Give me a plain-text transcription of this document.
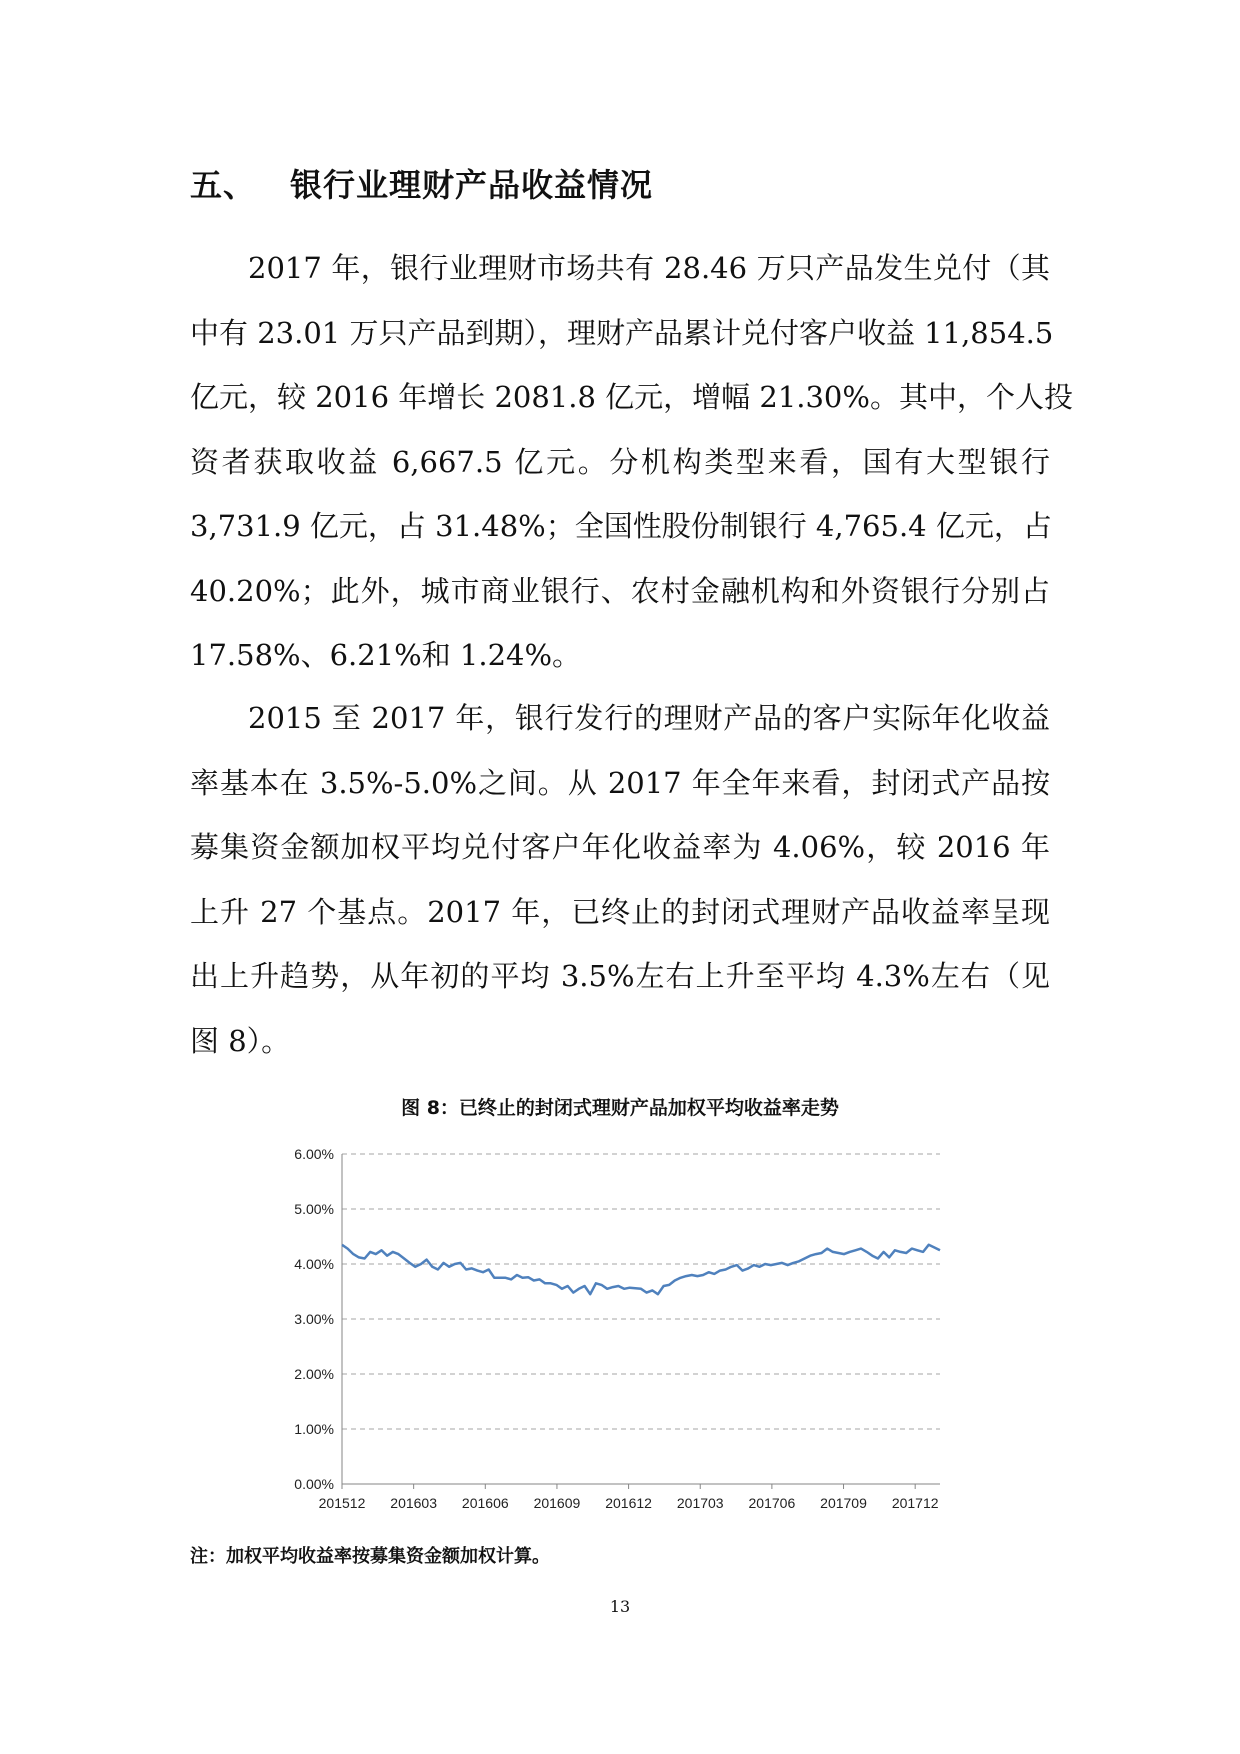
五、 银行业理财产品收益情况
2017 年，银行业理财市场共有 28.46 万只产品发生兑付（其
中有 23.01 万只产品到期），理财产品累计兑付客户收益 11,854.5
亿元，较 2016 年增长 2081.8 亿元，增幅 21.30%。其中，个人投
资者获取收益 6,667.5 亿元。分机构类型来看，国有大型银行
3,731.9 亿元，占 31.48%；全国性股份制银行 4,765.4 亿元，占
40.20%；此外，城市商业银行、农村金融机构和外资银行分别占
17.58%、6.21%和 1.24%。
2015 至 2017 年，银行发行的理财产品的客户实际年化收益
率基本在 3.5%-5.0%之间。从 2017 年全年来看，封闭式产品按
募集资金额加权平均兑付客户年化收益率为 4.06%，较 2016 年
上升 27 个基点。2017 年，已终止的封闭式理财产品收益率呈现
出上升趋势，从年初的平均 3.5%左右上升至平均 4.3%左右（见
图 8）。

图 8：已终止的封闭式理财产品加权平均收益率走势

0.00%
1.00%
2.00%
3.00%
4.00%
5.00%
6.00%
201512 201603 201606 201609 201612 201703 201706 201709 201712

注：加权平均收益率按募集资金额加权计算。

13
